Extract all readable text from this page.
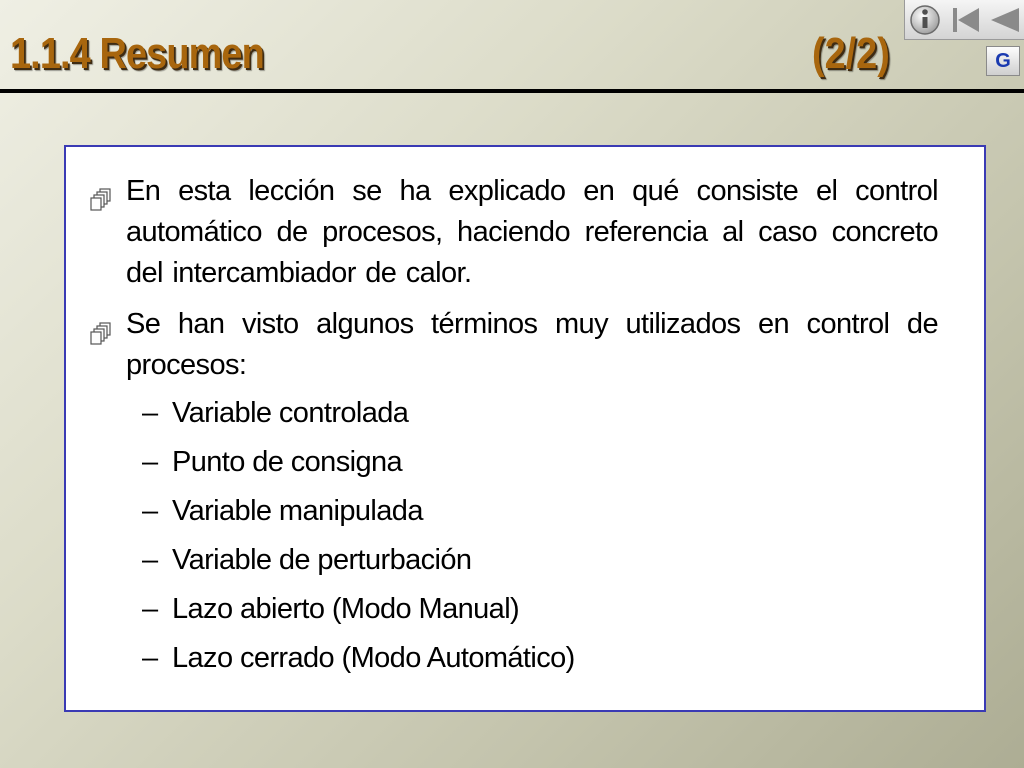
1.1.4 Resumen	(2/2)	G
En esta lección se ha explicado en qué consiste el control automático de procesos, haciendo referencia al caso concreto del intercambiador de calor.
Se han visto algunos términos muy utilizados en control de procesos:
– Variable controlada
– Punto de consigna
– Variable manipulada
– Variable de perturbación
– Lazo abierto (Modo Manual)
– Lazo cerrado (Modo Automático)
